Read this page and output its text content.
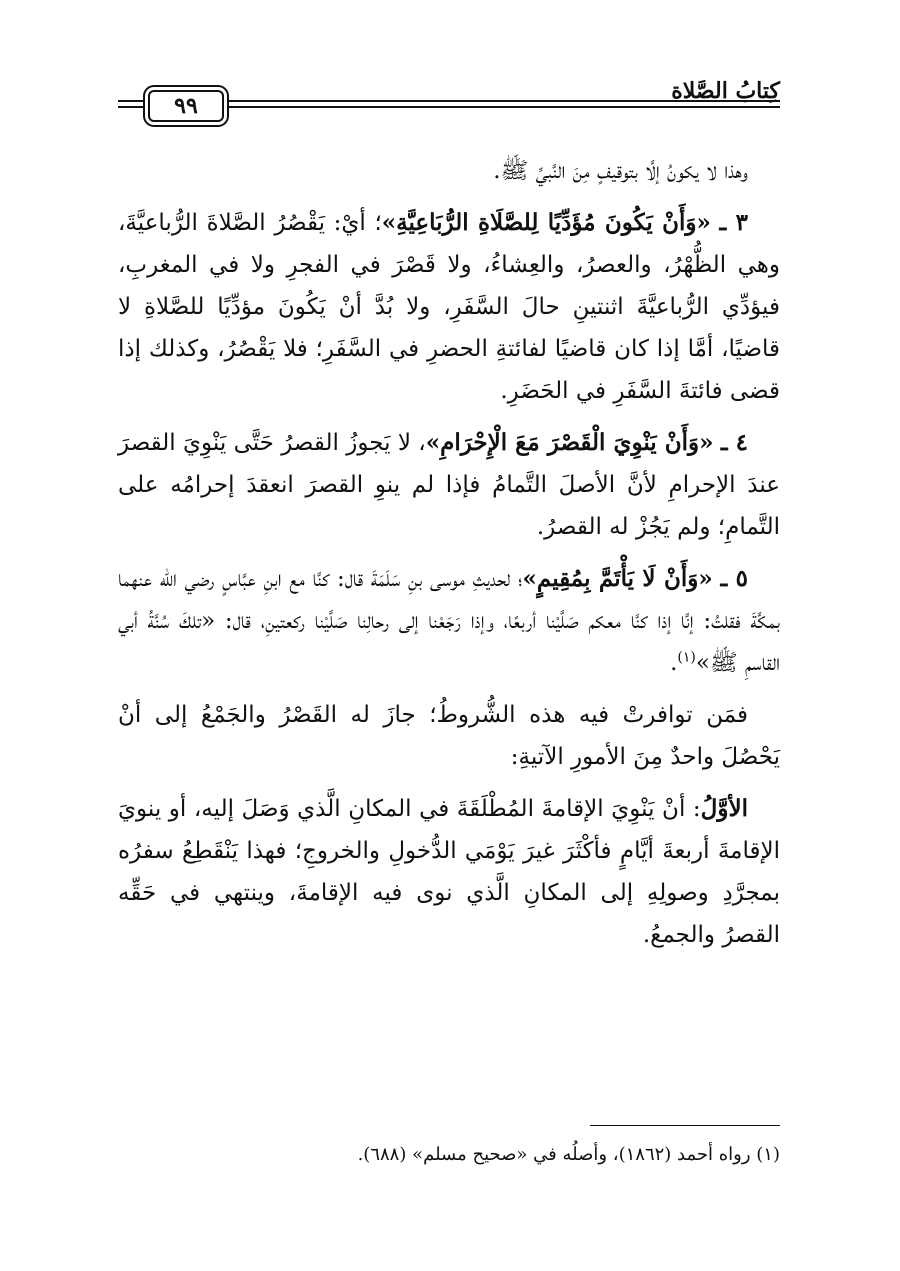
كِتابُ الصَّلاة
٩٩

وهذا لا يكونُ إلَّا بتوقيفٍ مِنَ النَّبيِّ ﷺ.

٣ ـ «وَأَنْ يَكُونَ مُؤَدِّيًا لِلصَّلَاةِ الرُّبَاعِيَّةِ»؛ أيْ: يَقْصُرُ الصَّلاةَ الرُّباعيَّةَ، وهي الظُّهْرُ، والعصرُ، والعِشاءُ، ولا قَصْرَ في الفجرِ ولا في المغربِ، فيؤدِّي الرُّباعيَّةَ اثنتينِ حالَ السَّفَرِ، ولا بُدَّ أنْ يَكُونَ مؤدِّيًا للصَّلاةِ لا قاضيًا، أمَّا إذا كان قاضيًا لفائتةِ الحضرِ في السَّفَرِ؛ فلا يَقْصُرُ، وكذلك إذا قضى فائتةَ السَّفَرِ في الحَضَرِ.

٤ ـ «وَأَنْ يَنْوِيَ الْقَصْرَ مَعَ الْإِحْرَامِ»، لا يَجوزُ القصرُ حَتَّى يَنْوِيَ القصرَ عندَ الإحرامِ لأنَّ الأصلَ التَّمامُ فإذا لم ينوِ القصرَ انعقدَ إحرامُه على التَّمامِ؛ ولم يَجُزْ له القصرُ.

٥ ـ «وَأَنْ لَا يَأْتَمَّ بِمُقِيمٍ»؛ لحديثِ موسى بنِ سَلَمَةَ قال: كنَّا مع ابنِ عبَّاسٍ رضي الله عنهما بمكَّةَ فقلتُ: إنَّا إذا كنَّا معكم صَلَّيْنا أربعًا، وإذا رَجَعْنا إلى رحالِنا صَلَّيْنا ركعتينِ، قال: «تلكَ سُنَّةُ أبي القاسمِ ﷺ»$^{(١)}$.

فمَن توافرتْ فيه هذه الشُّروطُ؛ جازَ له القَصْرُ والجَمْعُ إلى أنْ يَحْصُلَ واحدٌ مِنَ الأمورِ الآتيةِ:

الأوَّلُ: أنْ يَنْوِيَ الإقامةَ المُطْلَقَةَ في المكانِ الَّذي وَصَلَ إليه، أو ينويَ الإقامةَ أربعةَ أيَّامٍ فأكْثَرَ غيرَ يَوْمَي الدُّخولِ والخروجِ؛ فهذا يَنْقَطِعُ سفرُه بمجرَّدِ وصولِهِ إلى المكانِ الَّذي نوى فيه الإقامةَ، وينتهي في حَقِّه القصرُ والجمعُ.

(١) رواه أحمد (١٨٦٢)، وأصلُه في «صحيح مسلم» (٦٨٨).
